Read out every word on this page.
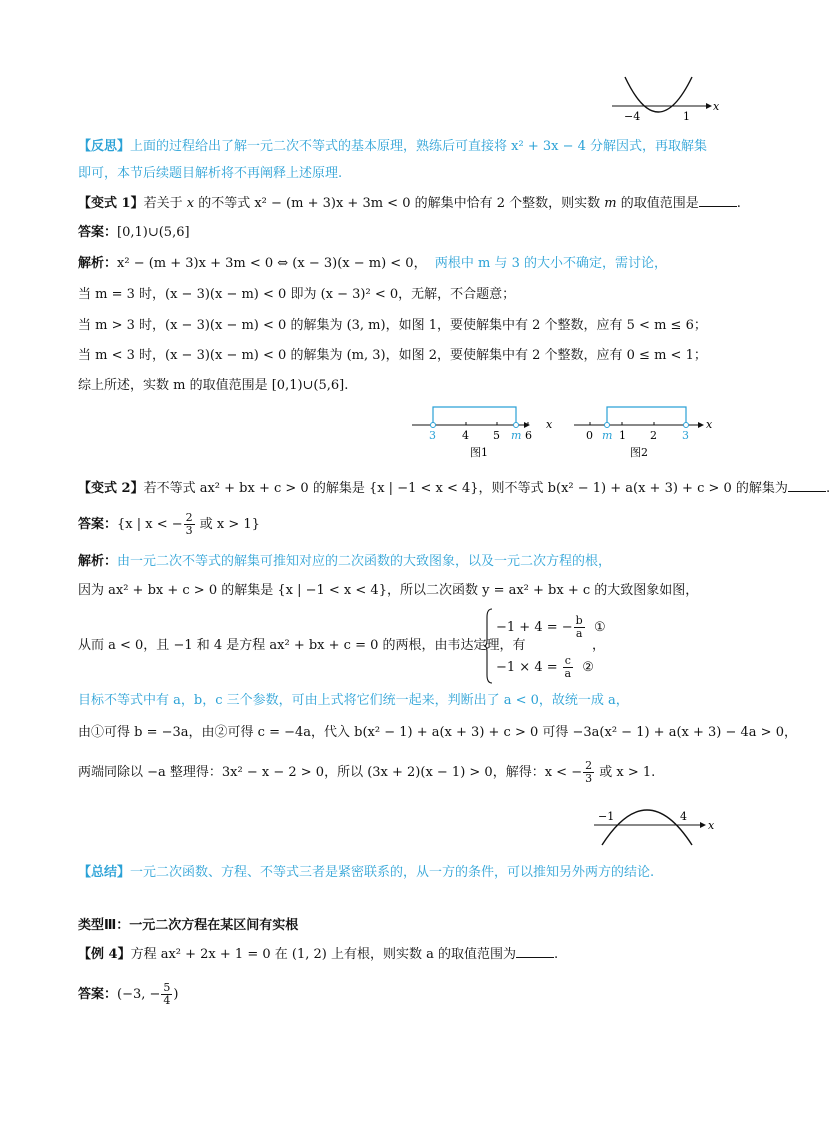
−4	1
x
【反思】上面的过程给出了解一元二次不等式的基本原理，熟练后可直接将 x² + 3x − 4 分解因式，再取解集
即可，本节后续题目解析将不再阐释上述原理.
【变式 1】若关于 x 的不等式 x² − (m + 3)x + 3m < 0 的解集中恰有 2 个整数，则实数 m 的取值范围是	.
答案：[0,1)∪(5,6]
解析：x² − (m + 3)x + 3m < 0 ⇔ (x − 3)(x − m) < 0， 两根中 m 与 3 的大小不确定，需讨论，
当 m = 3 时，(x − 3)(x − m) < 0 即为 (x − 3)² < 0，无解，不合题意；
当 m > 3 时，(x − 3)(x − m) < 0 的解集为 (3, m)，如图 1，要使解集中有 2 个整数，应有 5 < m ≤ 6；
当 m < 3 时，(x − 3)(x − m) < 0 的解集为 (m, 3)，如图 2，要使解集中有 2 个整数，应有 0 ≤ m < 1；
综上所述，实数 m 的取值范围是 [0,1)∪(5,6].
3 4 5 m 6
x
图1
0 m 1 2 3
x
图2
【变式 2】若不等式 ax² + bx + c > 0 的解集是 {x | −1 < x < 4}，则不等式 b(x² − 1) + a(x + 3) + c > 0 的解集为	.
答案：{x | x < − $\frac{2}{3}$ 或 x > 1}
解析：由一元二次不等式的解集可推知对应的二次函数的大致图象，以及一元二次方程的根，
因为 ax² + bx + c > 0 的解集是 {x | −1 < x < 4}，所以二次函数 y = ax² + bx + c 的大致图象如图，
从而 a < 0，且 −1 和 4 是方程 ax² + bx + c = 0 的两根，由韦达定理，有
−1 + 4 = − $\frac{b}{a}$ ①
$-1 \times 4 = \frac{c}{a}$ ②
，
目标不等式中有 a，b，c 三个参数，可由上式将它们统一起来，判断出了 a < 0，故统一成 a，
由①可得 b = −3a，由②可得 c = −4a，代入 b(x² − 1) + a(x + 3) + c > 0 可得 −3a(x² − 1) + a(x + 3) − 4a > 0，
两端同除以 −a 整理得：3x² − x − 2 > 0，所以 (3x + 2)(x − 1) > 0，解得：x < − $\frac{2}{3}$ 或 x > 1.
−1	4
x
【总结】一元二次函数、方程、不等式三者是紧密联系的，从一方的条件，可以推知另外两方的结论.
类型Ⅲ：一元二次方程在某区间有实根
【例 4】方程 ax² + 2x + 1 = 0 在 (1, 2) 上有根，则实数 a 的取值范围为	.
答案：(−3, − $\frac{5}{4}$ )
